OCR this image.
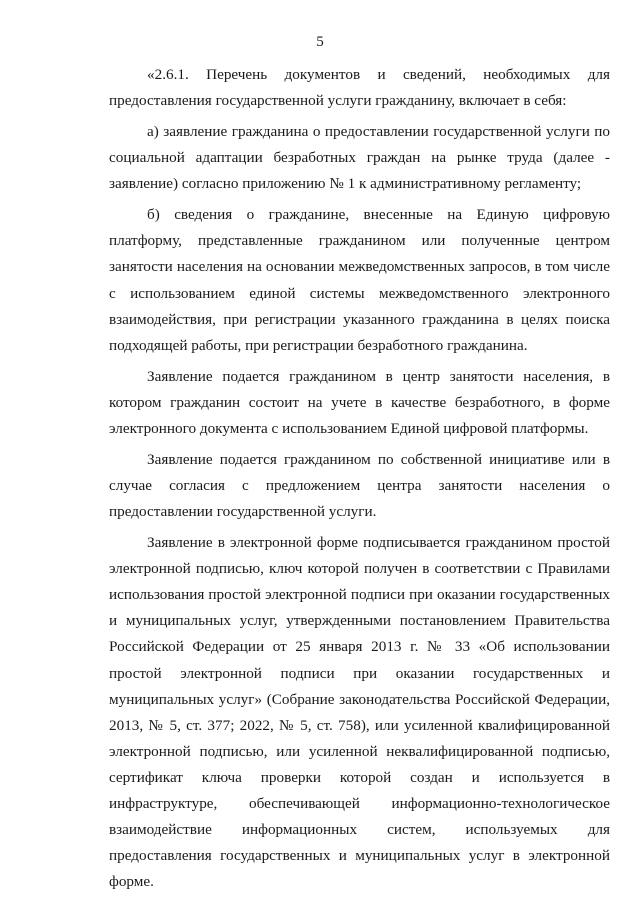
5

«2.6.1. Перечень документов и сведений, необходимых для предоставления государственной услуги гражданину, включает в себя:

а) заявление гражданина о предоставлении государственной услуги по социальной адаптации безработных граждан на рынке труда (далее - заявление) согласно приложению № 1 к административному регламенту;

б) сведения о гражданине, внесенные на Единую цифровую платформу, представленные гражданином или полученные центром занятости населения на основании межведомственных запросов, в том числе с использованием единой системы межведомственного электронного взаимодействия, при регистрации указанного гражданина в целях поиска подходящей работы, при регистрации безработного гражданина.

Заявление подается гражданином в центр занятости населения, в котором гражданин состоит на учете в качестве безработного, в форме электронного документа с использованием Единой цифровой платформы.

Заявление подается гражданином по собственной инициативе или в случае согласия с предложением центра занятости населения о предоставлении государственной услуги.

Заявление в электронной форме подписывается гражданином простой электронной подписью, ключ которой получен в соответствии с Правилами использования простой электронной подписи при оказании государственных и муниципальных услуг, утвержденными постановлением Правительства Российской Федерации от 25 января 2013 г. № 33 «Об использовании простой электронной подписи при оказании государственных и муниципальных услуг» (Собрание законодательства Российской Федерации, 2013, № 5, ст. 377; 2022, № 5, ст. 758), или усиленной квалифицированной электронной подписью, или усиленной неквалифицированной подписью, сертификат ключа проверки которой создан и используется в инфраструктуре, обеспечивающей информационно-технологическое взаимодействие информационных систем, используемых для предоставления государственных и муниципальных услуг в электронной форме.
